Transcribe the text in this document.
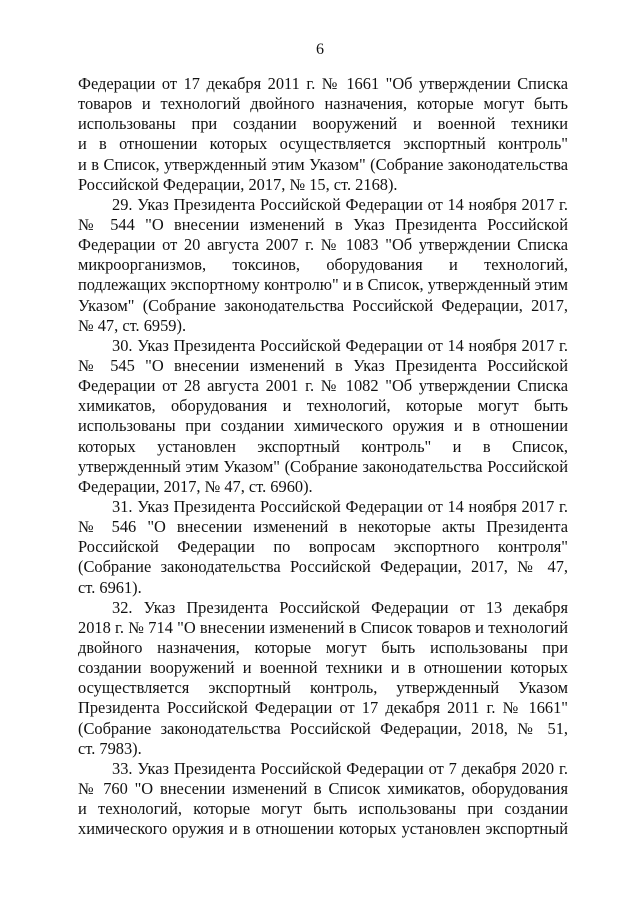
6
Федерации от 17 декабря 2011 г. № 1661 "Об утверждении Списка
товаров и технологий двойного назначения, которые могут быть
использованы при создании вооружений и военной техники
и в отношении которых осуществляется экспортный контроль"
и в Список, утвержденный этим Указом" (Собрание законодательства
Российской Федерации, 2017, № 15, ст. 2168).
29. Указ Президента Российской Федерации от 14 ноября 2017 г.
№ 544 "О внесении изменений в Указ Президента Российской
Федерации от 20 августа 2007 г. № 1083 "Об утверждении Списка
микроорганизмов, токсинов, оборудования и технологий,
подлежащих экспортному контролю" и в Список, утвержденный этим
Указом" (Собрание законодательства Российской Федерации, 2017,
№ 47, ст. 6959).
30. Указ Президента Российской Федерации от 14 ноября 2017 г.
№ 545 "О внесении изменений в Указ Президента Российской
Федерации от 28 августа 2001 г. № 1082 "Об утверждении Списка
химикатов, оборудования и технологий, которые могут быть
использованы при создании химического оружия и в отношении
которых установлен экспортный контроль" и в Список,
утвержденный этим Указом" (Собрание законодательства Российской
Федерации, 2017, № 47, ст. 6960).
31. Указ Президента Российской Федерации от 14 ноября 2017 г.
№ 546 "О внесении изменений в некоторые акты Президента
Российской Федерации по вопросам экспортного контроля"
(Собрание законодательства Российской Федерации, 2017, № 47,
ст. 6961).
32. Указ Президента Российской Федерации от 13 декабря
2018 г. № 714 "О внесении изменений в Список товаров и технологий
двойного назначения, которые могут быть использованы при
создании вооружений и военной техники и в отношении которых
осуществляется экспортный контроль, утвержденный Указом
Президента Российской Федерации от 17 декабря 2011 г. № 1661"
(Собрание законодательства Российской Федерации, 2018, № 51,
ст. 7983).
33. Указ Президента Российской Федерации от 7 декабря 2020 г.
№ 760 "О внесении изменений в Список химикатов, оборудования
и технологий, которые могут быть использованы при создании
химического оружия и в отношении которых установлен экспортный
